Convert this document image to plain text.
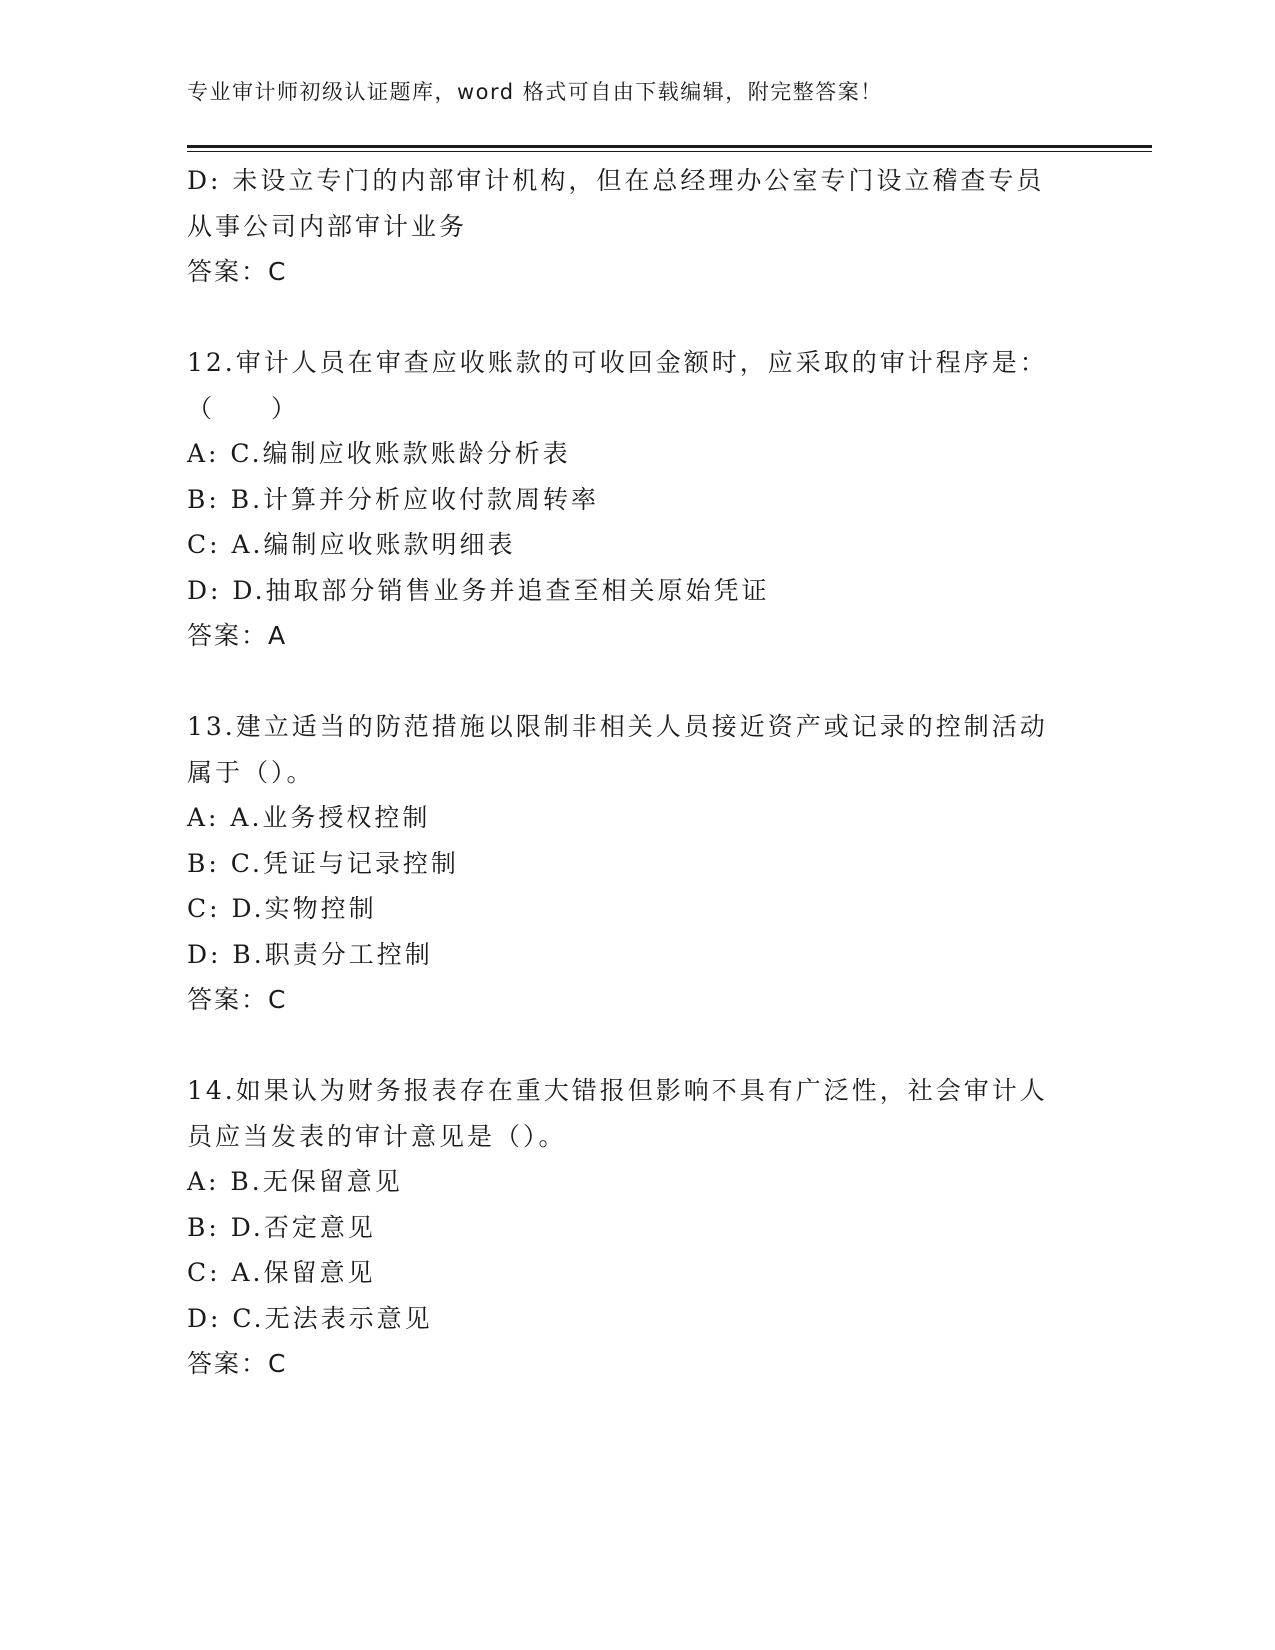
专业审计师初级认证题库，word 格式可自由下载编辑，附完整答案！
D: 未设立专门的内部审计机构，但在总经理办公室专门设立稽查专员
从事公司内部审计业务
答案：C
12.审计人员在审查应收账款的可收回金额时，应采取的审计程序是：
（　　）
A: C.编制应收账款账龄分析表
B: B.计算并分析应收付款周转率
C: A.编制应收账款明细表
D: D.抽取部分销售业务并追查至相关原始凭证
答案：A
13.建立适当的防范措施以限制非相关人员接近资产或记录的控制活动
属于（）。
A: A.业务授权控制
B: C.凭证与记录控制
C: D.实物控制
D: B.职责分工控制
答案：C
14.如果认为财务报表存在重大错报但影响不具有广泛性，社会审计人
员应当发表的审计意见是（）。
A: B.无保留意见
B: D.否定意见
C: A.保留意见
D: C.无法表示意见
答案：C
